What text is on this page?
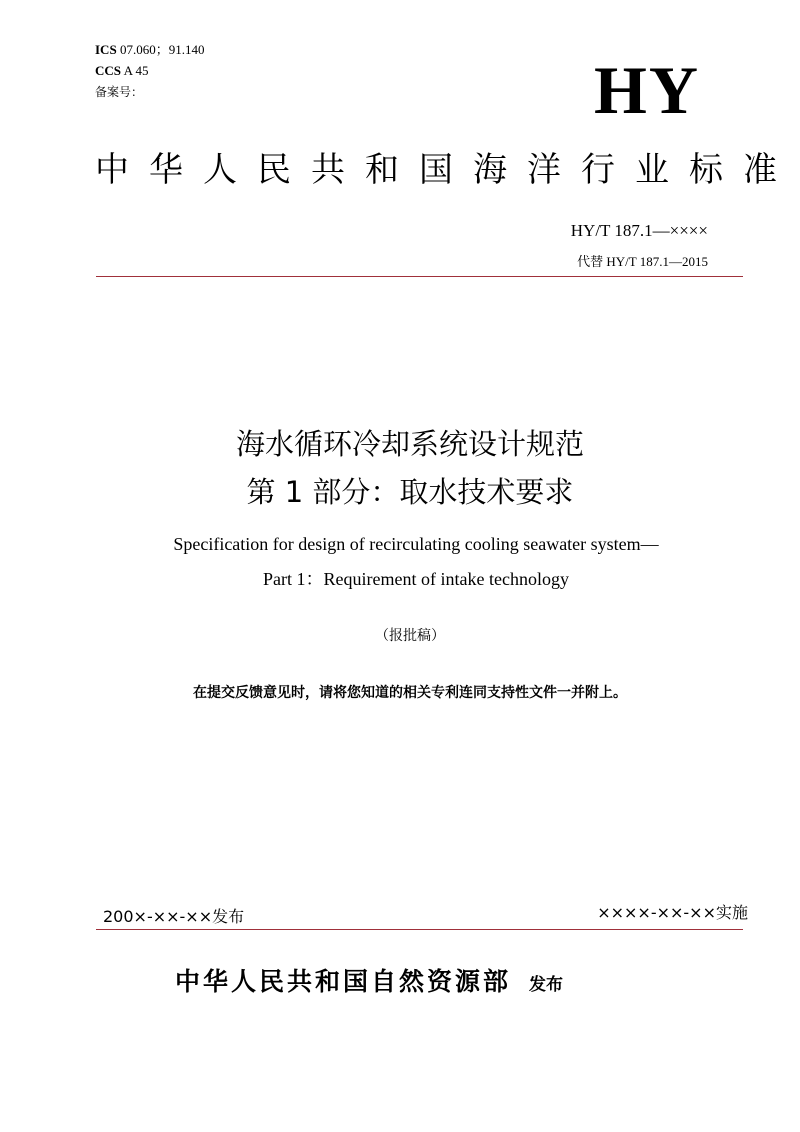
ICS 07.060；91.140
CCS A 45
备案号：	HY
中华人民共和国海洋行业标准
HY/T 187.1—××××
代替 HY/T 187.1—2015
海水循环冷却系统设计规范
第 1 部分：取水技术要求
Specification for design of recirculating cooling seawater system—
Part 1：Requirement of intake technology
（报批稿）
在提交反馈意见时，请将您知道的相关专利连同支持性文件一并附上。
200×-××-××发布	××××-××-××实施
中华人民共和国自然资源部 发布
